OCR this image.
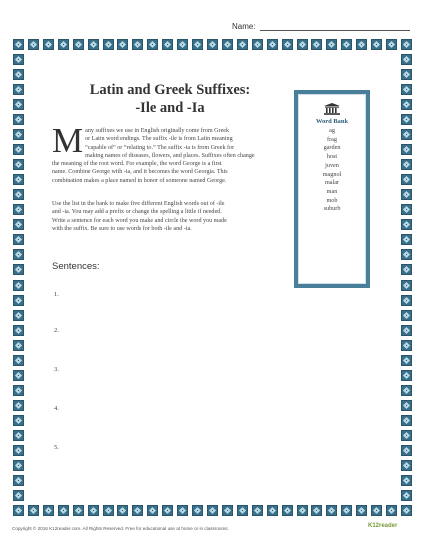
Name:
Latin and Greek Suffixes:
-Ile and -Ia
M any suffixes we use in English originally come from Greek

or Latin word endings. The suffix -ile is from Latin meaning

“capable of” or “relating to.” The suffix -ia is from Greek for

making names of diseases, flowers, and places. Suffixes often change

the meaning of the root word. For example, the word George is a first

name. Combine George with -ia, and it becomes the word Georgia. This

combination makes a place named in honor of someone named George.

Use the list in the bank to make five different English words out of -ile

and -ia. You may add a prefix or change the spelling a little if needed.

Write a sentence for each word you make and circle the word you made

with the suffix. Be sure to use words for both -ile and -ia.

Word Bank
ag
frag
garden
host
juven
magnol
malar
man
mob
suburb
Sentences:
1.
2.
3.
4.
5.
Copyright © 2016 K12reader.com. All Rights Reserved. Free for educational use at home or in classrooms.	K12reader
